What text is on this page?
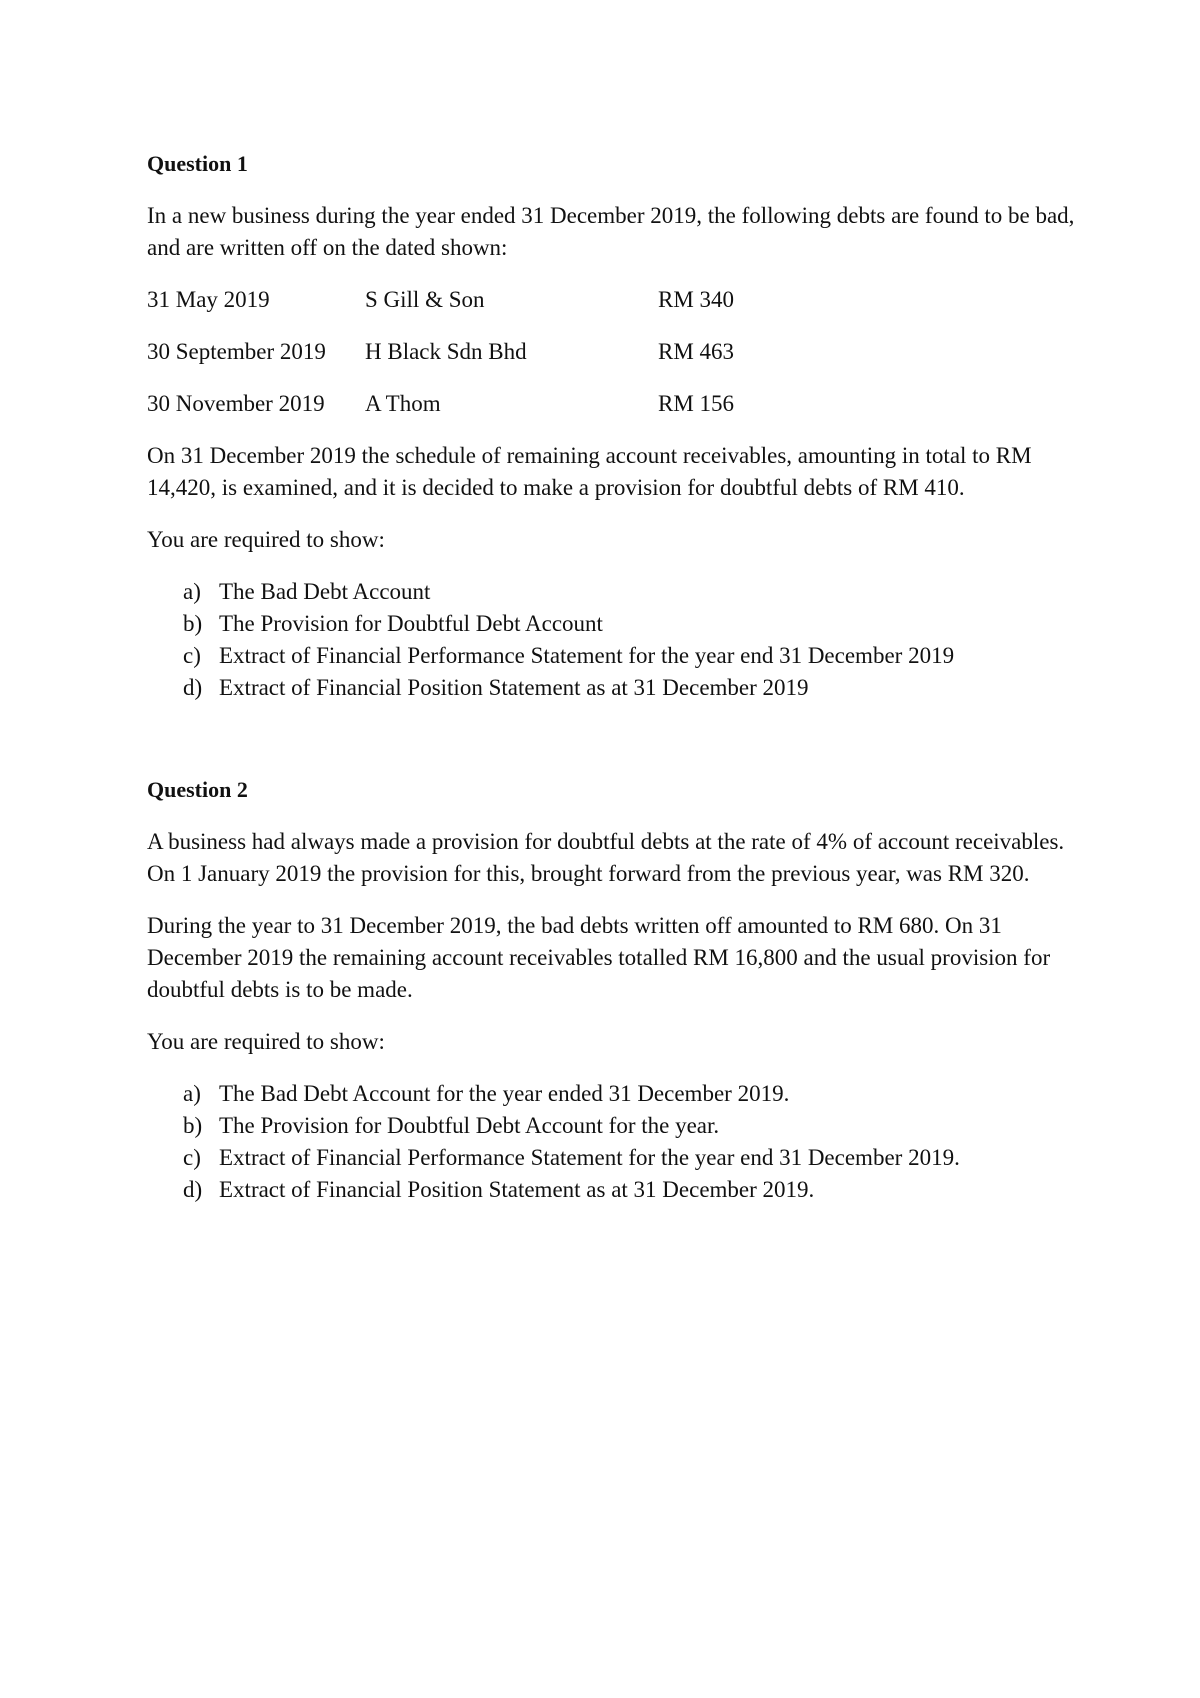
Question 1
In a new business during the year ended 31 December 2019, the following debts are found to be bad, and are written off on the dated shown:
31 May 2019	S Gill & Son	RM 340
30 September 2019	H Black Sdn Bhd	RM 463
30 November 2019	A Thom	RM 156
On 31 December 2019 the schedule of remaining account receivables, amounting in total to RM 14,420, is examined, and it is decided to make a provision for doubtful debts of RM 410.
You are required to show:
a) The Bad Debt Account
b) The Provision for Doubtful Debt Account
c) Extract of Financial Performance Statement for the year end 31 December 2019
d) Extract of Financial Position Statement as at 31 December 2019
Question 2
A business had always made a provision for doubtful debts at the rate of 4% of account receivables. On 1 January 2019 the provision for this, brought forward from the previous year, was RM 320.
During the year to 31 December 2019, the bad debts written off amounted to RM 680. On 31 December 2019 the remaining account receivables totalled RM 16,800 and the usual provision for doubtful debts is to be made.
You are required to show:
a) The Bad Debt Account for the year ended 31 December 2019.
b) The Provision for Doubtful Debt Account for the year.
c) Extract of Financial Performance Statement for the year end 31 December 2019.
d) Extract of Financial Position Statement as at 31 December 2019.
